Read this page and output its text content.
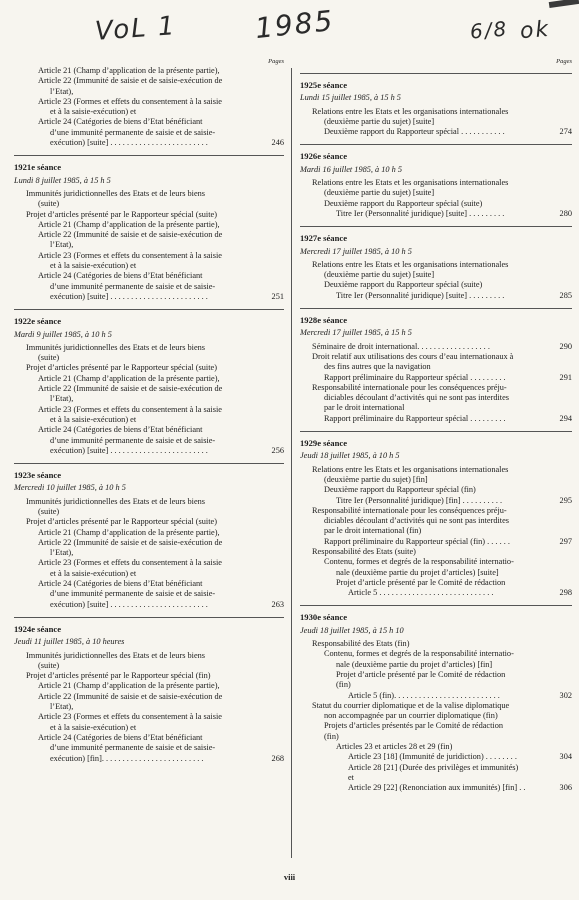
VoL 1	1985	6/8 ok
Pages
Article 21 (Champ d’application de la présente partie),
Article 22 (Immunité de saisie et de saisie-exécution de
l’Etat),
Article 23 (Formes et effets du consentement à la saisie
et à la saisie-exécution) et
Article 24 (Catégories de biens d’Etat bénéficiant
d’une immunité permanente de saisie et de saisie-
exécution) [suite] . . . . . . . . . . . . . . . . . . . . . . . .	246
1921e séance
Lundi 8 juillet 1985, à 15 h 5
Immunités juridictionnelles des Etats et de leurs biens
(suite)
Projet d’articles présenté par le Rapporteur spécial (suite)
Article 21 (Champ d’application de la présente partie),
Article 22 (Immunité de saisie et de saisie-exécution de
l’Etat),
Article 23 (Formes et effets du consentement à la saisie
et à la saisie-exécution) et
Article 24 (Catégories de biens d’Etat bénéficiant
d’une immunité permanente de saisie et de saisie-
exécution) [suite] . . . . . . . . . . . . . . . . . . . . . . . .	251
1922e séance
Mardi 9 juillet 1985, à 10 h 5
Immunités juridictionnelles des Etats et de leurs biens
(suite)
Projet d’articles présenté par le Rapporteur spécial (suite)
Article 21 (Champ d’application de la présente partie),
Article 22 (Immunité de saisie et de saisie-exécution de
l’Etat),
Article 23 (Formes et effets du consentement à la saisie
et à la saisie-exécution) et
Article 24 (Catégories de biens d’Etat bénéficiant
d’une immunité permanente de saisie et de saisie-
exécution) [suite] . . . . . . . . . . . . . . . . . . . . . . . .	256
1923e séance
Mercredi 10 juillet 1985, à 10 h 5
Immunités juridictionnelles des Etats et de leurs biens
(suite)
Projet d’articles présenté par le Rapporteur spécial (suite)
Article 21 (Champ d’application de la présente partie),
Article 22 (Immunité de saisie et de saisie-exécution de
l’Etat),
Article 23 (Formes et effets du consentement à la saisie
et à la saisie-exécution) et
Article 24 (Catégories de biens d’Etat bénéficiant
d’une immunité permanente de saisie et de saisie-
exécution) [suite] . . . . . . . . . . . . . . . . . . . . . . . .	263
1924e séance
Jeudi 11 juillet 1985, à 10 heures
Immunités juridictionnelles des Etats et de leurs biens
(suite)
Projet d’articles présenté par le Rapporteur spécial (fin)
Article 21 (Champ d’application de la présente partie),
Article 22 (Immunité de saisie et de saisie-exécution de
l’Etat),
Article 23 (Formes et effets du consentement à la saisie
et à la saisie-exécution) et
Article 24 (Catégories de biens d’Etat bénéficiant
d’une immunité permanente de saisie et de saisie-
exécution) [fin]. . . . . . . . . . . . . . . . . . . . . . . . .	268
Pages
1925e séance
Lundi 15 juillet 1985, à 15 h 5
Relations entre les Etats et les organisations internationales
(deuxième partie du sujet) [suite]
Deuxième rapport du Rapporteur spécial . . . . . . . . . . .	274
1926e séance
Mardi 16 juillet 1985, à 10 h 5
Relations entre les Etats et les organisations internationales
(deuxième partie du sujet) [suite]
Deuxième rapport du Rapporteur spécial (suite)
Titre Ier (Personnalité juridique) [suite] . . . . . . . . .	280
1927e séance
Mercredi 17 juillet 1985, à 10 h 5
Relations entre les Etats et les organisations internationales
(deuxième partie du sujet) [suite]
Deuxième rapport du Rapporteur spécial (suite)
Titre Ier (Personnalité juridique) [suite] . . . . . . . . .	285
1928e séance
Mercredi 17 juillet 1985, à 15 h 5
Séminaire de droit international. . . . . . . . . . . . . . . . . .	290
Droit relatif aux utilisations des cours d’eau internationaux à
des fins autres que la navigation
Rapport préliminaire du Rapporteur spécial . . . . . . . . .	291
Responsabilité internationale pour les conséquences préju-
diciables découlant d’activités qui ne sont pas interdites
par le droit international
Rapport préliminaire du Rapporteur spécial . . . . . . . . .	294
1929e séance
Jeudi 18 juillet 1985, à 10 h 5
Relations entre les Etats et les organisations internationales
(deuxième partie du sujet) [fin]
Deuxième rapport du Rapporteur spécial (fin)
Titre Ier (Personnalité juridique) [fin] . . . . . . . . . .	295
Responsabilité internationale pour les conséquences préju-
diciables découlant d’activités qui ne sont pas interdites
par le droit international (fin)
Rapport préliminaire du Rapporteur spécial (fin) . . . . . .	297
Responsabilité des Etats (suite)
Contenu, formes et degrés de la responsabilité internatio-
nale (deuxième partie du projet d’articles) [suite]
Projet d’article présenté par le Comité de rédaction
Article 5 . . . . . . . . . . . . . . . . . . . . . . . . . . . .	298
1930e séance
Jeudi 18 juillet 1985, à 15 h 10
Responsabilité des Etats (fin)
Contenu, formes et degrés de la responsabilité internatio-
nale (deuxième partie du projet d’articles) [fin]
Projet d’article présenté par le Comité de rédaction
(fin)
Article 5 (fin). . . . . . . . . . . . . . . . . . . . . . . . . .	302
Statut du courrier diplomatique et de la valise diplomatique
non accompagnée par un courrier diplomatique (fin)
Projets d’articles présentés par le Comité de rédaction
(fin)
Articles 23 et articles 28 et 29 (fin)
Article 23 [18] (Immunité de juridiction) . . . . . . . .	304
Article 28 [21] (Durée des privilèges et immunités)
et
Article 29 [22] (Renonciation aux immunités) [fin] . .	306
viii
